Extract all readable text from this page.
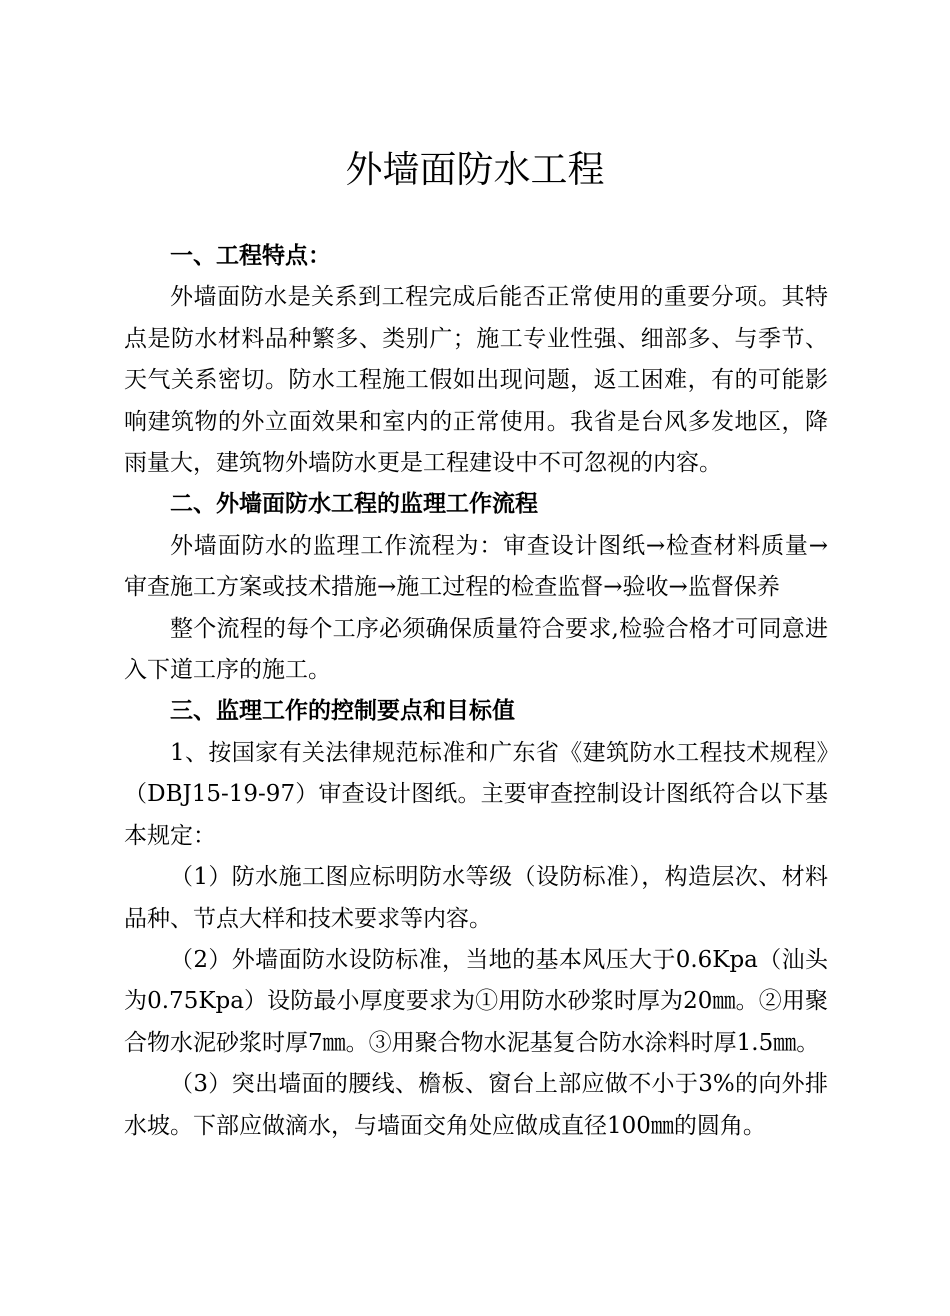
外墙面防水工程

一、工程特点：

外墙面防水是关系到工程完成后能否正常使用的重要分项。其特点是防水材料品种繁多、类别广；施工专业性强、细部多、与季节、天气关系密切。防水工程施工假如出现问题，返工困难，有的可能影响建筑物的外立面效果和室内的正常使用。我省是台风多发地区，降雨量大，建筑物外墙防水更是工程建设中不可忽视的内容。

二、外墙面防水工程的监理工作流程

外墙面防水的监理工作流程为：审查设计图纸→检查材料质量→审查施工方案或技术措施→施工过程的检查监督→验收→监督保养

整个流程的每个工序必须确保质量符合要求,检验合格才可同意进入下道工序的施工。

三、监理工作的控制要点和目标值

1、按国家有关法律规范标准和广东省《建筑防水工程技术规程》（DBJ15-19-97）审查设计图纸。主要审查控制设计图纸符合以下基本规定：

（1）防水施工图应标明防水等级（设防标准），构造层次、材料品种、节点大样和技术要求等内容。

（2）外墙面防水设防标准，当地的基本风压大于0.6Kpa（汕头为0.75Kpa）设防最小厚度要求为①用防水砂浆时厚为20㎜。②用聚合物水泥砂浆时厚7㎜。③用聚合物水泥基复合防水涂料时厚1.5㎜。

（3）突出墙面的腰线、檐板、窗台上部应做不小于3%的向外排水坡。下部应做滴水，与墙面交角处应做成直径100㎜的圆角。
